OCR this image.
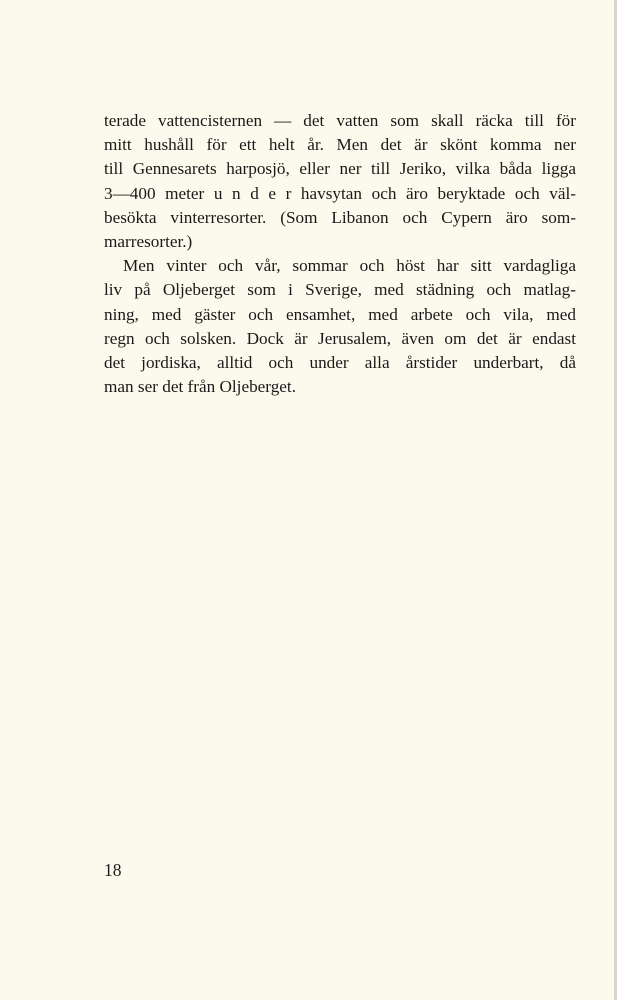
terade vattencisternen — det vatten som skall räcka till för
mitt hushåll för ett helt år. Men det är skönt komma ner
till Gennesarets harposjö, eller ner till Jeriko, vilka båda ligga
3—400 meter u n d e r havsytan och äro beryktade och väl-
besökta vinterresorter. (Som Libanon och Cypern äro som-
marresorter.)
Men vinter och vår, sommar och höst har sitt vardagliga
liv på Oljeberget som i Sverige, med städning och matlag-
ning, med gäster och ensamhet, med arbete och vila, med
regn och solsken. Dock är Jerusalem, även om det är endast
det jordiska, alltid och under alla årstider underbart, då
man ser det från Oljeberget.
18
